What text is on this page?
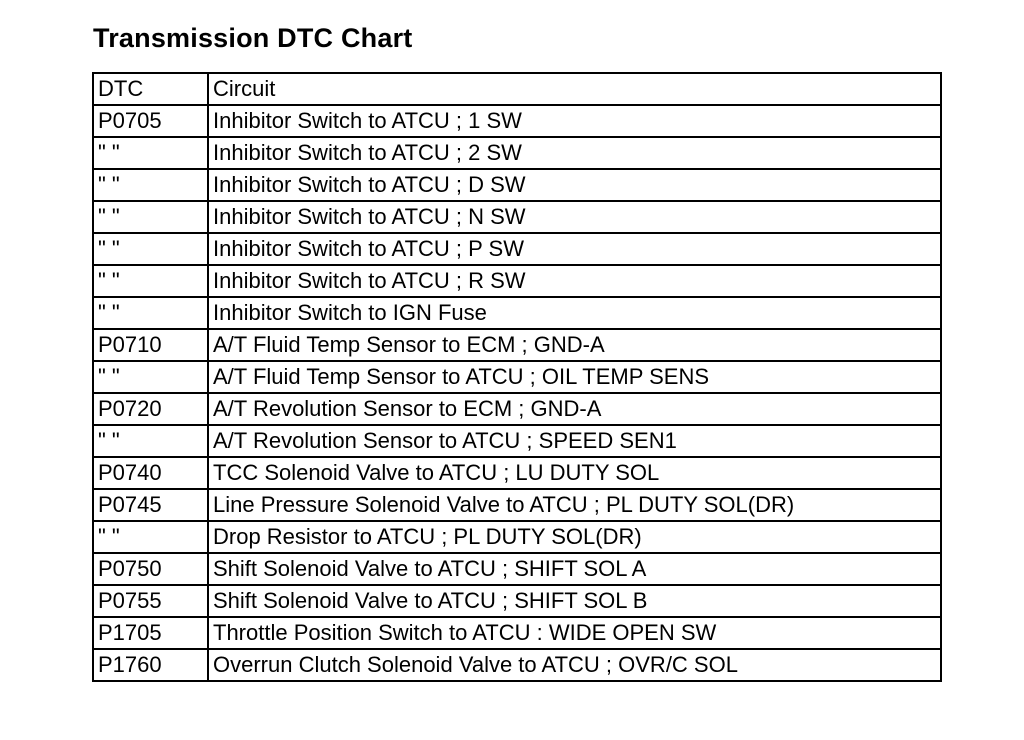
Transmission DTC Chart
DTC	Circuit
P0705	Inhibitor Switch to ATCU ; 1 SW
" "	Inhibitor Switch to ATCU ; 2 SW
" "	Inhibitor Switch to ATCU ; D SW
" "	Inhibitor Switch to ATCU ; N SW
" "	Inhibitor Switch to ATCU ; P SW
" "	Inhibitor Switch to ATCU ; R SW
" "	Inhibitor Switch to IGN Fuse
P0710	A/T Fluid Temp Sensor to ECM ; GND-A
" "	A/T Fluid Temp Sensor to ATCU ; OIL TEMP SENS
P0720	A/T Revolution Sensor to ECM ; GND-A
" "	A/T Revolution Sensor to ATCU ; SPEED SEN1
P0740	TCC Solenoid Valve to ATCU ; LU DUTY SOL
P0745	Line Pressure Solenoid Valve to ATCU ; PL DUTY SOL(DR)
" "	Drop Resistor to ATCU ; PL DUTY SOL(DR)
P0750	Shift Solenoid Valve to ATCU ; SHIFT SOL A
P0755	Shift Solenoid Valve to ATCU ; SHIFT SOL B
P1705	Throttle Position Switch to ATCU : WIDE OPEN SW
P1760	Overrun Clutch Solenoid Valve to ATCU ; OVR/C SOL
